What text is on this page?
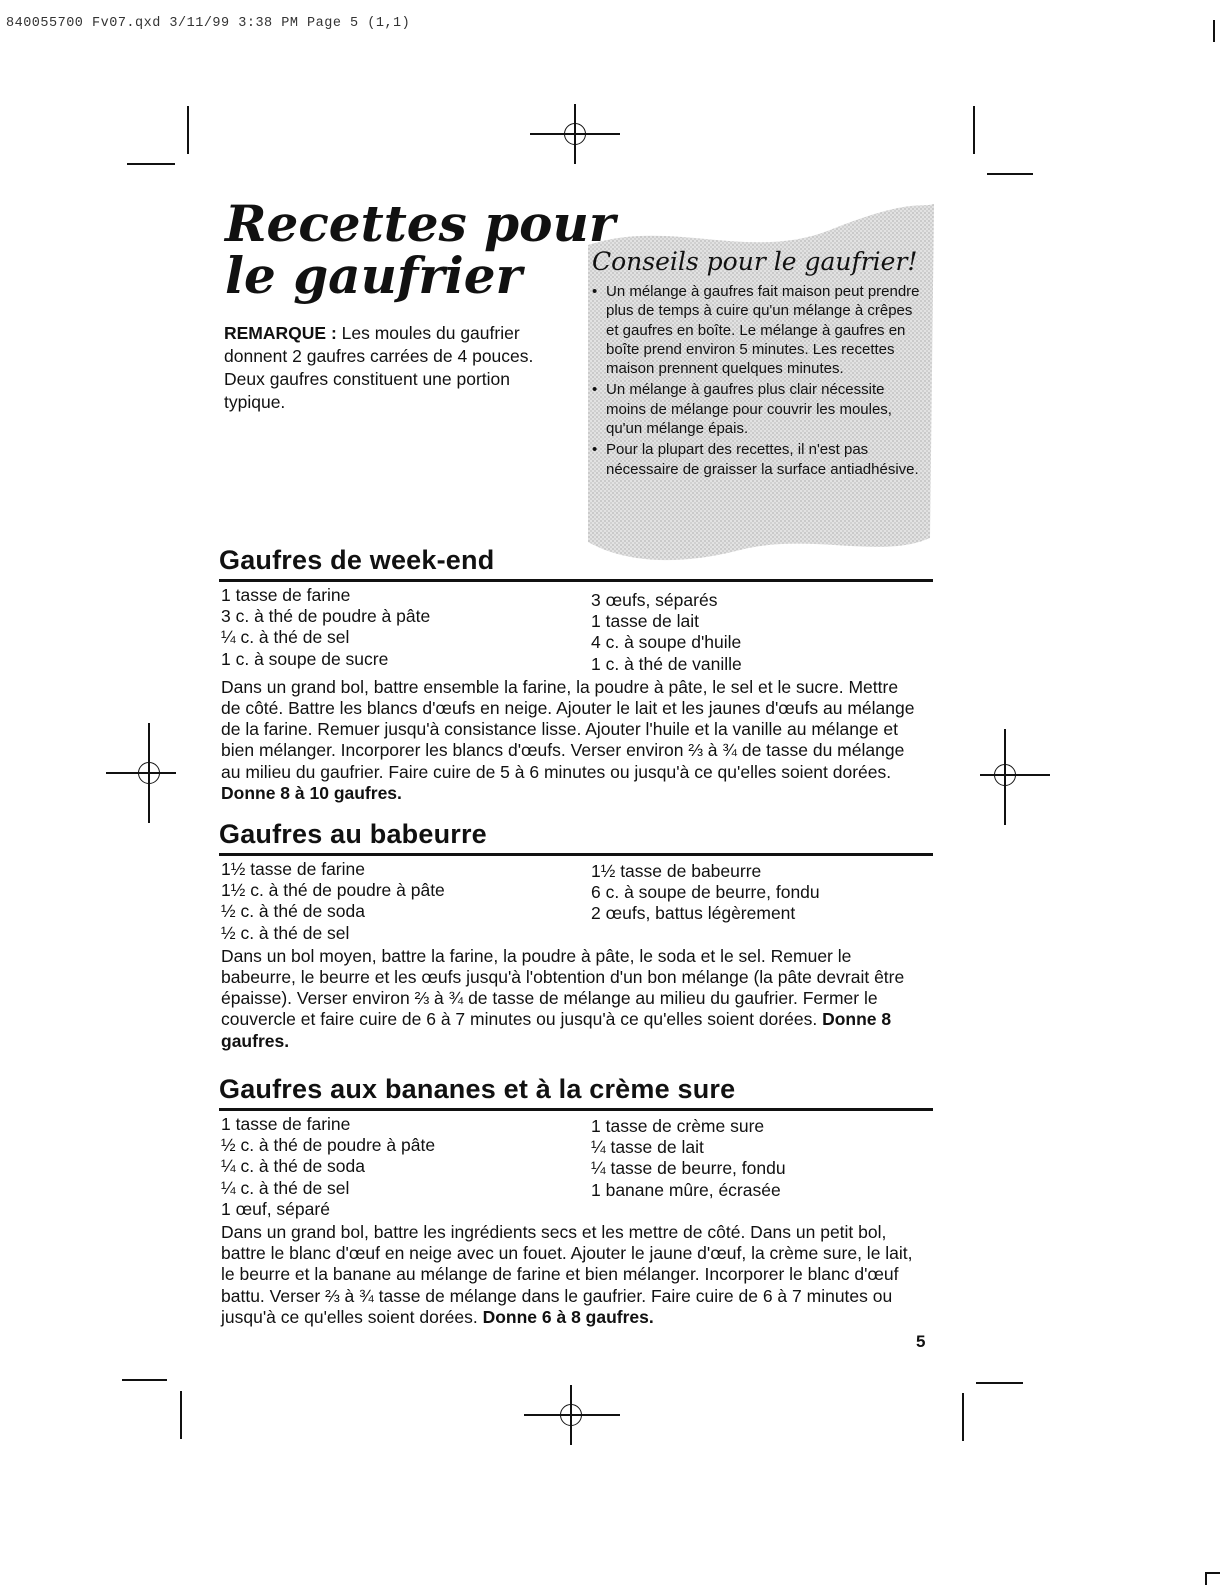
840055700 Fv07.qxd 3/11/99 3:38 PM Page 5 (1,1)
Recettes pour
le gaufrier
REMARQUE : Les moules du gaufrier donnent 2 gaufres carrées de 4 pouces. Deux gaufres constituent une portion typique.
Conseils pour le gaufrier!
• Un mélange à gaufres fait maison peut prendre plus de temps à cuire qu'un mélange à crêpes et gaufres en boîte. Le mélange à gaufres en boîte prend environ 5 minutes. Les recettes maison prennent quelques minutes.
• Un mélange à gaufres plus clair nécessite moins de mélange pour couvrir les moules, qu'un mélange épais.
• Pour la plupart des recettes, il n'est pas nécessaire de graisser la surface antiadhésive.
Gaufres de week-end
1 tasse de farine
3 c. à thé de poudre à pâte
¼ c. à thé de sel
1 c. à soupe de sucre
3 œufs, séparés
1 tasse de lait
4 c. à soupe d'huile
1 c. à thé de vanille

Dans un grand bol, battre ensemble la farine, la poudre à pâte, le sel et le sucre. Mettre de côté. Battre les blancs d'œufs en neige. Ajouter le lait et les jaunes d'œufs au mélange de la farine. Remuer jusqu'à consistance lisse. Ajouter l'huile et la vanille au mélange et bien mélanger. Incorporer les blancs d'œufs. Verser environ ⅔ à ¾ de tasse du mélange au milieu du gaufrier. Faire cuire de 5 à 6 minutes ou jusqu'à ce qu'elles soient dorées. Donne 8 à 10 gaufres.

Gaufres au babeurre
1½ tasse de farine
1½ c. à thé de poudre à pâte
½ c. à thé de soda
½ c. à thé de sel
1½ tasse de babeurre
6 c. à soupe de beurre, fondu
2 œufs, battus légèrement

Dans un bol moyen, battre la farine, la poudre à pâte, le soda et le sel. Remuer le babeurre, le beurre et les œufs jusqu'à l'obtention d'un bon mélange (la pâte devrait être épaisse). Verser environ ⅔ à ¾ de tasse de mélange au milieu du gaufrier. Fermer le couvercle et faire cuire de 6 à 7 minutes ou jusqu'à ce qu'elles soient dorées. Donne 8 gaufres.

Gaufres aux bananes et à la crème sure
1 tasse de farine
½ c. à thé de poudre à pâte
¼ c. à thé de soda
¼ c. à thé de sel
1 œuf, séparé
1 tasse de crème sure
¼ tasse de lait
¼ tasse de beurre, fondu
1 banane mûre, écrasée

Dans un grand bol, battre les ingrédients secs et les mettre de côté. Dans un petit bol, battre le blanc d'œuf en neige avec un fouet. Ajouter le jaune d'œuf, la crème sure, le lait, le beurre et la banane au mélange de farine et bien mélanger. Incorporer le blanc d'œuf battu. Verser ⅔ à ¾ tasse de mélange dans le gaufrier. Faire cuire de 6 à 7 minutes ou jusqu'à ce qu'elles soient dorées. Donne 6 à 8 gaufres.

5
